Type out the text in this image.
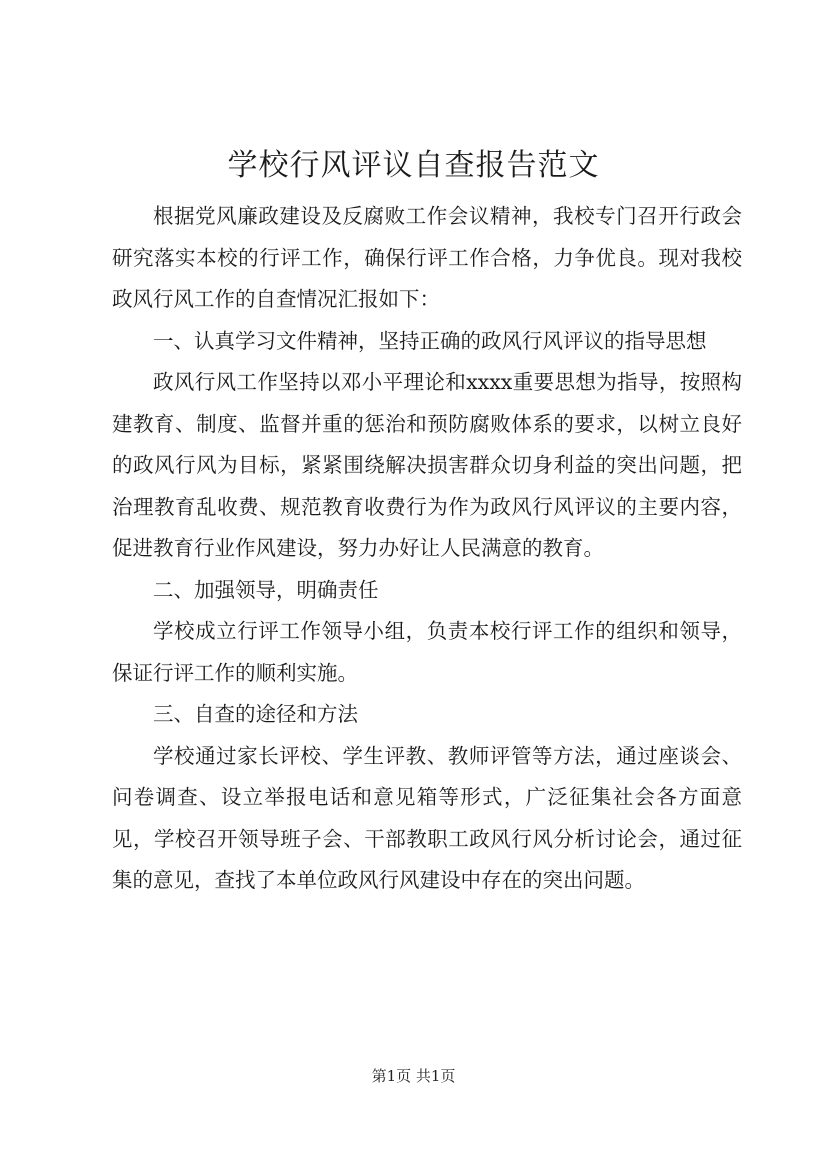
学校行风评议自查报告范文

根据党风廉政建设及反腐败工作会议精神，我校专门召开行政会研究落实本校的行评工作，确保行评工作合格，力争优良。现对我校政风行风工作的自查情况汇报如下：

一、认真学习文件精神，坚持正确的政风行风评议的指导思想

政风行风工作坚持以邓小平理论和xxxx重要思想为指导，按照构建教育、制度、监督并重的惩治和预防腐败体系的要求，以树立良好的政风行风为目标，紧紧围绕解决损害群众切身利益的突出问题，把治理教育乱收费、规范教育收费行为作为政风行风评议的主要内容，促进教育行业作风建设，努力办好让人民满意的教育。

二、加强领导，明确责任

学校成立行评工作领导小组，负责本校行评工作的组织和领导，保证行评工作的顺利实施。

三、自查的途径和方法

学校通过家长评校、学生评教、教师评管等方法，通过座谈会、问卷调查、设立举报电话和意见箱等形式，广泛征集社会各方面意见，学校召开领导班子会、干部教职工政风行风分析讨论会，通过征集的意见，查找了本单位政风行风建设中存在的突出问题。

第1页 共1页
